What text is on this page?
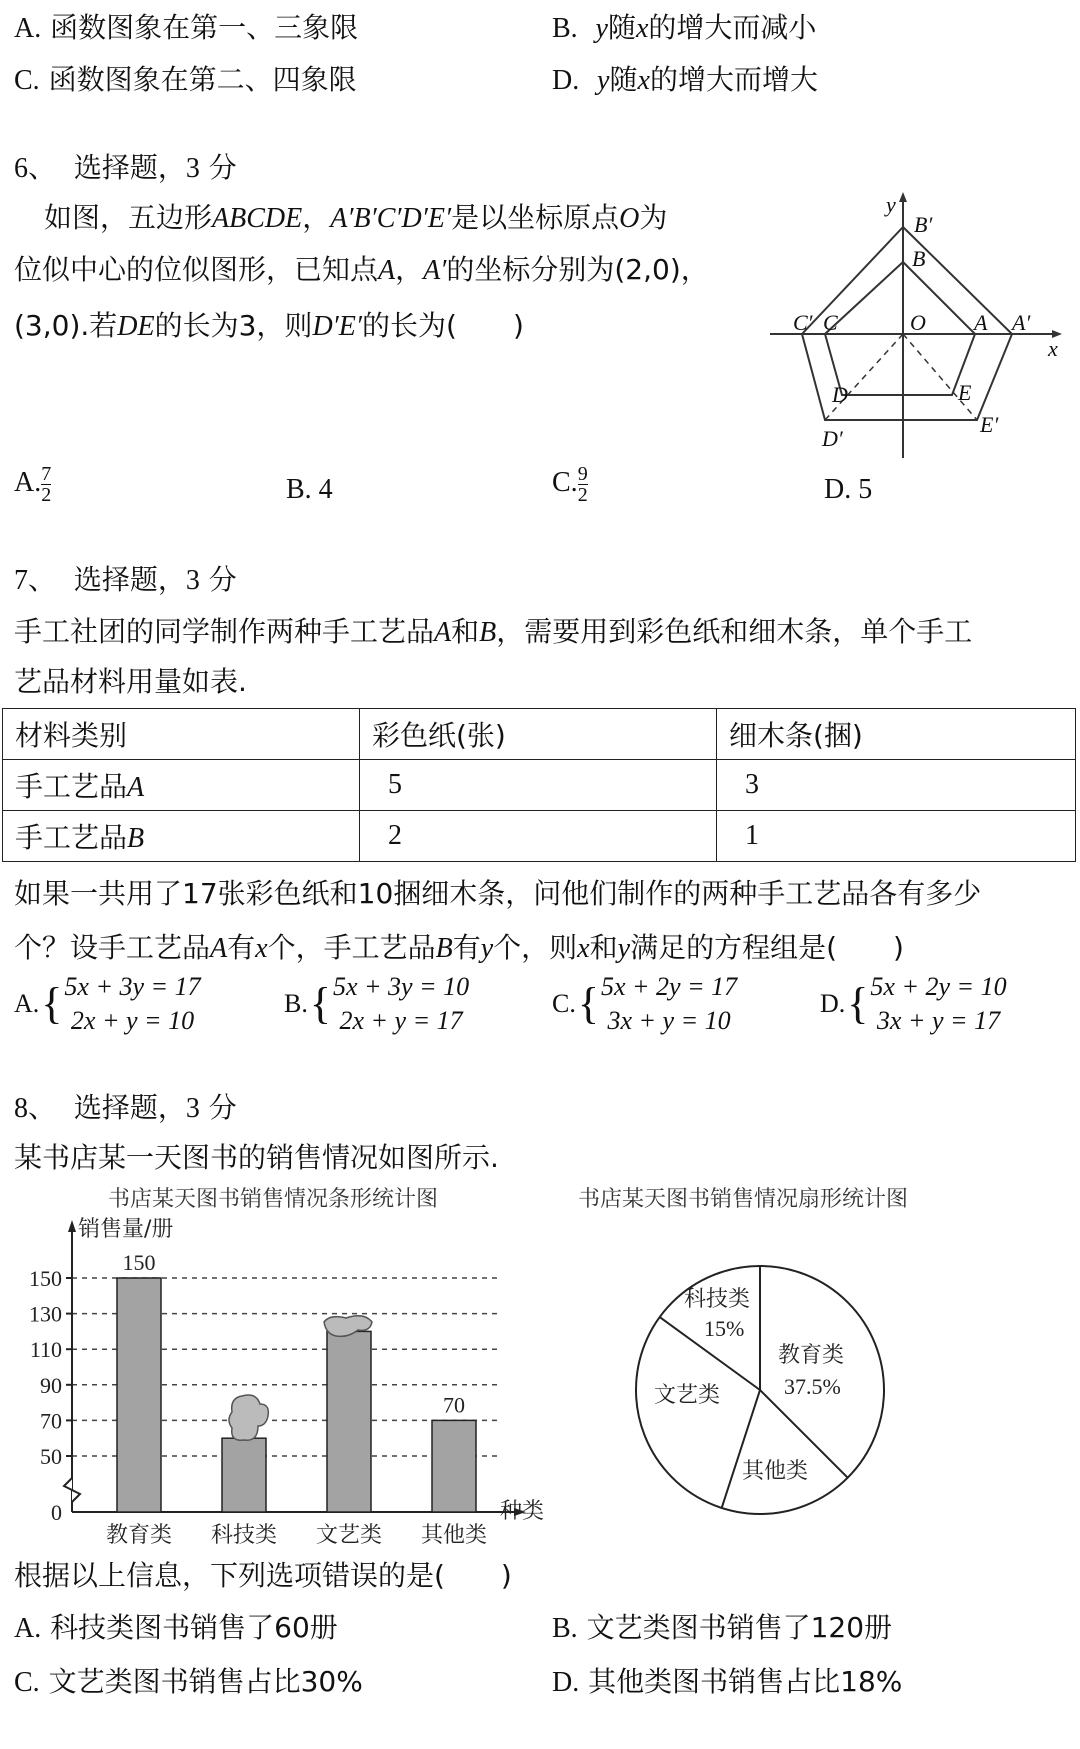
A. 函数图象在第一、三象限	B. y随x的增大而减小
C. 函数图象在第二、四象限	D. y随x的增大而增大
6、 选择题，3 分
如图，五边形ABCDE，A′B′C′D′E′是以坐标原点O为
位似中心的位似图形，已知点A，A′的坐标分别为(2,0)，
(3,0).若DE的长为3，则D′E′的长为(　　)
y
x
O A A′
B′
B
C′ C
D	E
D′
E′
A. $\frac{7}{2}$	B. 4	C. $\frac{9}{2}$	D. 5
7、 选择题，3 分
手工社团的同学制作两种手工艺品A和B，需要用到彩色纸和细木条，单个手工
艺品材料用量如表.
材料类别	彩色纸(张)	细木条(捆)
手工艺品A	5	3
手工艺品B	2	1
如果一共用了17张彩色纸和10捆细木条，问他们制作的两种手工艺品各有多少
个？设手工艺品A有x个，手工艺品B有y个，则x和y满足的方程组是(　　)
A. { 5x + 3y = 17
2x + y = 10
B. { 5x + 3y = 10
2x + y = 17
C. { 5x + 2y = 17
3x + y = 10
D. { 5x + 2y = 10
3x + y = 17
8、 选择题，3 分
某书店某一天图书的销售情况如图所示.
书店某天图书销售情况条形统计图
销售量/册
种类
0
50
70
90
110
130
150
150
教育类 科技类 文艺类
70
其他类
书店某天图书销售情况扇形统计图
教育类
37.5%
其他类
文艺类
科技类
15%
根据以上信息，下列选项错误的是(　　)
A. 科技类图书销售了60册	B. 文艺类图书销售了120册
C. 文艺类图书销售占比30%	D. 其他类图书销售占比18%
